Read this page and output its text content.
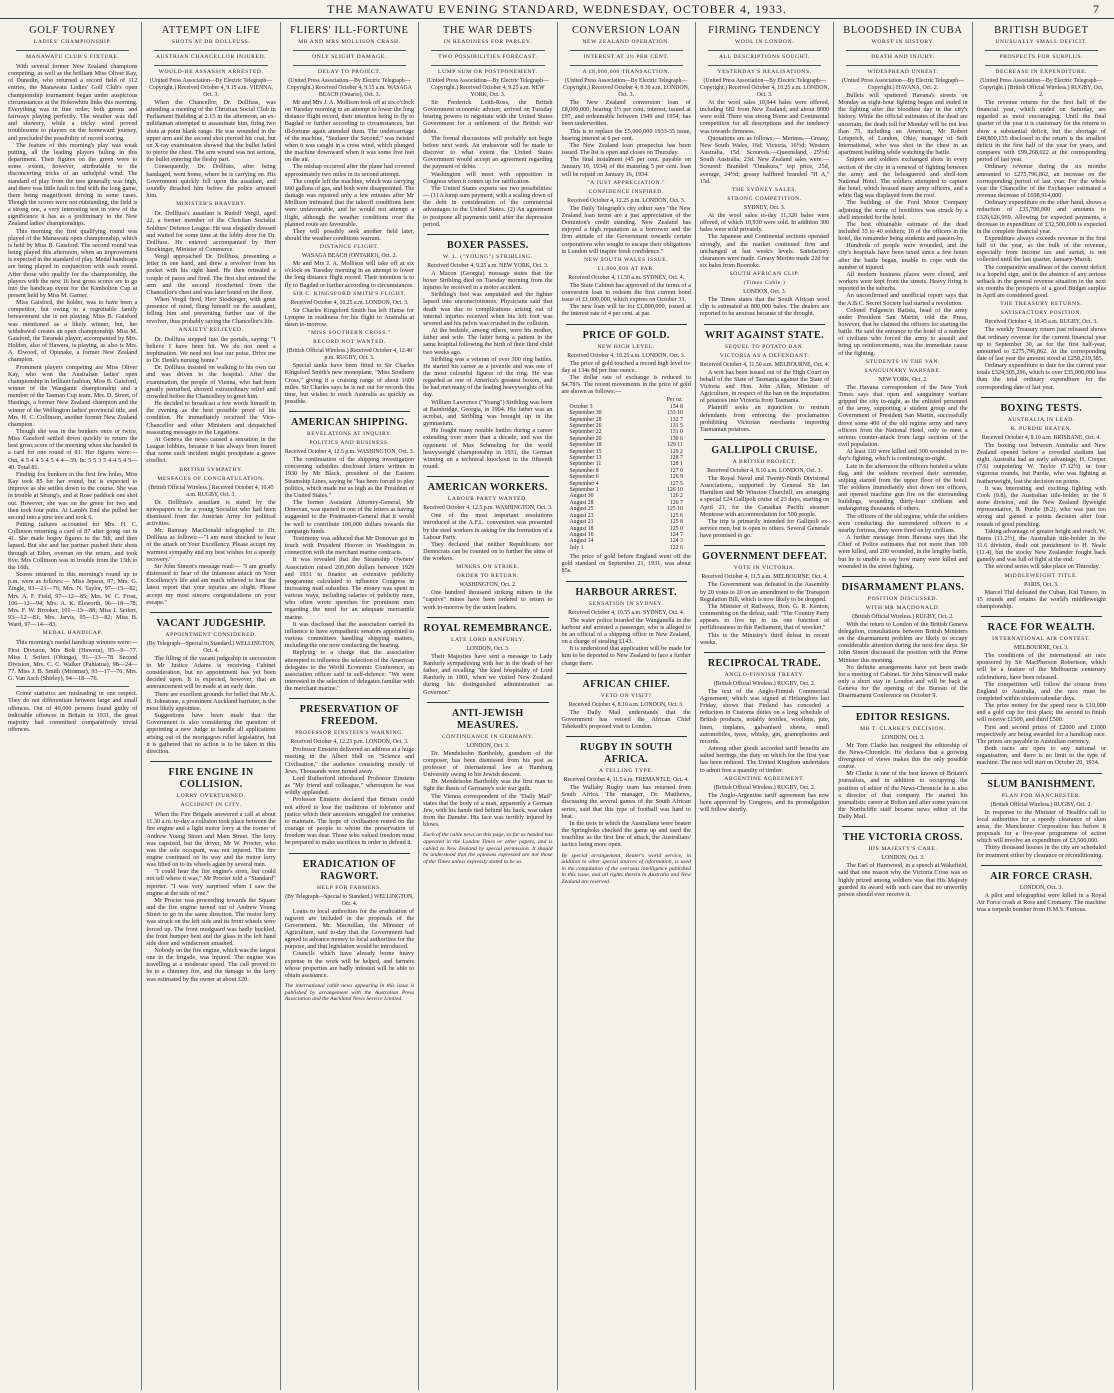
THE MANAWATU EVENING STANDARD, WEDNESDAY, OCTOBER 4, 1933.	7
GOLF TOURNEY
LADIES' CHAMPIONSHIP.
MANAWATU CLUB'S FIXTURE.

With several former New Zealand champions competing, as well as the brilliant Miss Oliver Kay, of Dunedin, who returned a record field of 112 entries, the Manawatu Ladies' Golf Club's open championship tournament began under auspicious circumstances at the Hokowhitu links this morning. Everything was in fine order, both greens and fairways playing perfectly. The weather was dull and showery, while a tricky wind proved troublesome to players on the homeward journey, and precluded the possibility of record scoring.

The feature of this morning's play was weak putting, all the leading players failing in this department. Their figures on the green were to some extent, however, attributable to the disconcerting tricks of an unhelpful wind. The standard of play from the tees generally was high, and there was little fault to find with the long game, there being magnificent driving in some cases. Though the scores were not outstanding, the field is a strong one, a very interesting test in view of the significance it has as a preliminary to the New Zealand ladies' championships.

This morning the first qualifying round was played of the Manawatu open championship, which is held by Miss B. Gaisford. The second round was being played this afternoon, when an improvement is expected in the standard of play. Medal handicaps are being played in conjunction with each round. After those who qualify for the championship, the players with the next 16 best gross scores are to go into the handicap event for the Kimbolton Cup at present held by Miss M. Garner.

Miss Gaisford, the holder, was to have been a competitor, but owing to a regrettable family bereavement she is not playing. Miss B. Gaisford was mentioned as a likely winner, but, her withdrawal creates an open championship. Miss M. Gaisford, the Taranaki player, accompanied by Mrs. Holden, also of Hawera, is playing, as also is Mrs. A. Elwood, of Opunake, a former New Zealand champion.

Prominent players competing are Miss Oliver Kay, who won the Australian ladies' open championship in brilliant fashion, Miss B. Gaisford, winner of the Wanganui championship and a member of the Tasman Cup team, Mrs. D. Street, of Hastings, a former New Zealand champion and the winner of the Wellington ladies' provincial title, and Mrs. H. C. Collinson, another former New Zealand champion.

Though she was in the bunkers once or twice, Miss Gaisford settled down quickly to return the best gross score of the morning when she handed in a card for one round of 81. Her figures were:— Out, 4 5 4 4 5 4 5 4 4—39. In: 5 5 3 5 4 4 5 4 5—40. Total 81.

Finding fox bunkers in the first few holes, Miss Kay took 85 for her round, but is expected to improve as she settles down to the course. She was in trouble at Strang's, and at Rose paddock one shot out. However, she was on the green for two and then took four putts. At Lamb's End she pulled her second into a pine tree and took 6.

Putting failures accounted for Mrs. H. C. Collinson returning a card of 87 after going out in 41. She made bogey figures to the 5th, and then lapsed. But she and her partner pushed their shots through at Eden, overran on the return, and took five. Mrs Collinson was in trouble from the 13th to the 16th.

Scores returned in this morning's round up to p.m. were as follows:— Miss Jepson, 97; Mrs. G. Zingle, 93—21—76; Mrs. N. Taylor, 97—15—82; Mrs. A. F. Field, 97—12—85; Mrs. W. C. Frost, 106—12—94; Mrs. A. K. Elsworth, 96—18—78; Mrs. F. W. Brooker, 101—13—88; Miss I. Seifert, 93—12—81; Mrs. Jarvis, 95—13—82; Miss B. Ward, 97—14—83.

MEDAL HANDICAP.

This morning's medal handicap winners were:— First Division, Mrs Bolt (Hawera), 95—9—77. Miss I. Seifert (Ohinga), 91—13—78. Second Division, Mrs. C. C. Walker (Pahiatua), 98—24—77. Miss J. B. Smith (Miramar), 93—17—76. Mrs. G. Van Asch (Shirley), 94—18—76.

Crime statistics are misleading in one respect. They do not differentiate between large and small offences. Out of 40,000 persons found guilty of indictable offences in Britain in 1931, the great majority had committed comparatively trivial offences.

ATTEMPT ON LIFE
SHOTS AT DR DOLLFUSS.
AUSTRIAN CHANCELLOR INJURED.
WOULD-BE ASSASSIN ARRESTED.
(United Press Association—By Electric Telegraph—Copyright.) Received October 4, 9.15 a.m. VIENNA, Oct. 3.

When the Chancellor, Dr. Dollfuss, was attending a meeting of the Christian Social Club in Parliament Building at 2.15 in the afternoon, an ex-militiaman attempted to assassinate him, firing two shots at point blank range. He was wounded in the upper arm and the second shot pierced his coat, but on X-ray examination showed that the bullet failed to pierce the chest. The arm wound was not serious, the bullet entering the fleshy part.

Consequently, Dr. Dollfuss, after being bandaged, went home, where he is carrying on. His Government quickly fell upon the assailant, and soundly thrashed him before the police arrested him.

MINISTER'S BRAVERY.

Dr. Dollfuss's assailant is Rudolf Vergil, aged 22, a former member of the Christian Socialist Soldiers' Defence League. He was elegantly dressed and waited for some time at the lobby door for Dr. Dollfuss. He entered accompanied by Herr Stockinger, Minister of Commerce.

Vergil approached Dr. Dollfuss, presenting a letter in one hand, and drew a revolver from his pocket with his right hand. He then retreated a couple of paces and fired. The first shot entered the arm and the second ricochetted from the Chancellor's chest and was later found on the floor.

When Vergil fired, Herr Stockinger, with great presence of mind, flung himself on the assailant, felling him and preventing further use of the revolver, thus probably saving the Chancellor's life.

ANXIETY RELIEVED.

Dr. Dollfuss stepped into the portals, saying: "I believe I have been hit. We do not need a trephination. We need not lose our poise. Drive me to Dr. Denk's nursing home."

Dr. Dollfuss insisted on walking to his own car and was driven to the hospital. After the examination, the people of Vienna, who had been greatly perturbed, showed extraordinary relief and crowded before the Chancellery to greet him.

He decided to broadcast a few words himself in the evening as the best possible proof of his condition. He immediately received the Vice-Chancellor and other Ministers and despatched reassuring messages to the Legations.

At Geneva the news caused a sensation in the League lobbies, because it has always been feared that some such incident might precipitate a grave conflict.

BRITISH SYMPATHY.
MESSAGES OF CONGRATULATION.
(British Official Wireless.) Received October 4, 10.45 a.m. RUGBY, Oct. 3.

Dr. Dollfuss's assailant is stated by the newspapers to be a young Socialist who had been dismissed from the Austrian Army for political activities.

Mr. Ramsay MacDonald telegraphed to Dr. Dollfuss as follows:—"I am most shocked to hear of the attack on Your Excellency. Please accept my warmest sympathy and my best wishes for a speedy recovery."

Sir John Simon's message read:— "I am greatly distressed to hear of the infamous attack on Your Excellency's life and am much relieved to hear the latest report that your injuries are slight. Please accept my most sincere congratulations on your escape."

VACANT JUDGESHIP.
APPOINTMENT CONSIDERED.
(By Telegraph—Special to Standard.) WELLINGTON, Oct. 4.

The filling of the vacant judgeship in succession to Mr Justice Adams is receiving Cabinet consideration, but no appointment has yet been decided upon. It is expected, however, that an announcement will be made at an early date.

There are excellent grounds for belief that Mr A. H. Johnstone, a prominent Auckland barrister, is the most likely appointee.

Suggestions have been made that the Government is also considering the question of appointing a new Judge to handle all applications arising out of the mortgagors relief legislation, but it is gathered that no action is to be taken in this direction.

FIRE ENGINE IN COLLISION.
LORRY OVERTURNED.
ACCIDENT IN CITY.

When the Fire Brigade answered a call at about 11.30 a.m. to-day a collision took place between the fire engine and a light motor lorry at the corner of Andrew Young Street and Main Street. The lorry was capsized, but the driver, Mr W. Procter, who was the sole occupant, was not injured. The fire engine continued on its way and the motor lorry was lifted on to its wheels again by several men.

"I could hear the fire engine's siren, but could not tell where it was," Mr Procter told a "Standard" reporter. "I was very surprised when I saw the engine at the side of me."

Mr Procter was proceeding towards the Square and the fire engine turned out of Andrew Young Street to go in the same direction. The motor lorry was struck on the left side and its front wheels were forced up. The front mudguard was badly buckled, the front bumper bent and the glass in the left hand side door and windscreen smashed.

Nobody on the fire engine, which was the largest one in the brigade, was injured. The engine was travelling at a moderate speed. The call proved to be to a chimney fire, and the damage to the lorry was estimated by the owner at about £20.

FLIERS' ILL-FORTUNE
MR AND MRS MOLLISON CRASH.
ONLY SLIGHT DAMAGE.
DELAY TO PROJECT.
(United Press Association—By Electric Telegraph—Copyright.) Received October 4, 9.15 a.m. WASAGA BEACH (Ontario), Oct. 3.

Mr and Mrs J. A. Mollison took off at six o'clock on Tuesday morning in an attempt to lower the long distance flight record, their intention being to fly to Bagdad or further according to circumstances, but ill-fortune again attended them. The undercarriage of the machine, "Seafarer the Second," was twisted when it was caught in a cross wind, which plunged the machine downward when it was some five feet on the air.

The mishap occurred after the plane had covered approximately two miles in its second attempt.

The couple left the machine, which was carrying 660 gallons of gas, and both were disappointed. The damage was repaired only a few minutes after Mr Mollison intimated that the takeoff conditions here were unfavourable, and he would not attempt a flight, although the weather conditions over the planned route are favourable.

They will possibly seek another field later, should the weather conditions warrant.

DISTANCE FLIGHT.
WASAGA BEACH (ONTARIO), Oct. 2.

Mr and Mrs J. A. Mollison will take off at six o'clock on Tuesday morning in an attempt to lower the long distance flight record. Their intention is to fly to Bagdad or further according to circumstances.

SIR C. KINGSFORD SMITH'S FLIGHT.
Received October 4, 10.25 a.m. LONDON, Oct. 3.

Sir Charles Kingsford Smith has left Hanse for Lympne in readiness for his flight to Australia at dawn to-morrow.

"MISS SOUTHERN CROSS."
RECORD NOT WANTED.
(British Official Wireless.) Received October 4, 12.40 p.m. RUGBY, Oct. 3.

Special tanks have been fitted to Sir Charles Kingsford Smith's new monoplane, "Miss Southern Cross," giving it a cruising range of about 1600 miles. Sir Charles says he is not out for records this time, but wishes to reach Australia as quickly as possible.

AMERICAN SHIPPING.
REVELATIONS AT INQUIRY.
POLITICS AND BUSINESS.
Received October 4, 12.5 p.m. WASHINGTON, Oct. 3.

The continuation of the shipping investigation concerning subsidies disclosed letters written in 1930 by Mr Black, president of the Eastern Steamship Lines, saying he "has been forced to play politics, which made me as high as the President of the United States."

The former Assistant Attorney-General, Mr Donovan, was quoted in one of the letters as having suggested to the Postmaster-General that it would be well to contribute 100,000 dollars towards the campaign funds.

Testimony was adduced that Mr Donovan got in touch with President Hoover in Washington in connection with the merchant marine contracts.

It was revealed that the Steamship Owners' Association raised 200,000 dollars between 1929 and 1931 to finance an extensive publicity programme calculated to influence Congress in increasing mail subsidies. The money was spent in various ways, including salaries of publicity men, who often wrote speeches for prominent men regarding the need for an adequate mercantile marine.

It was disclosed that the association carried its influence to have sympathetic senators appointed to various committees handling shipping matters, including the one now conducting the hearing.

Replying to a charge that the association attempted to influence the selection of the American delegates to the World Economic Conference, an association officer said in self-defence: "We were interested in the selection of delegates familiar with the merchant marine."

PRESERVATION OF FREEDOM.
PROFESSOR EINSTEIN'S WARNING.
Received October 4, 12.25 p.m. LONDON, Oct. 3.

Professor Einstein delivered an address at a huge meeting in the Albert Hall on "Science and Civilisation," the audience consisting mostly of Jews. Thousands were turned away.

Lord Rutherford introduced Professor Einstein as "My friend and colleague," whereupon he was wildly applauded.

Professor Einstein declared that Britain could not afford to lose the traditions of tolerance and justice which their ancestors struggled for centuries to maintain. The hope of civilisation rested on the courage of people to whom the preservation of freedom was dear. Those who valued freedom must be prepared to make sacrifices in order to defend it.

ERADICATION OF RAGWORT.
HELP FOR FARMERS.
(By Telegraph—Special to Standard.) WELLINGTON, Oct. 4.

Loans to local authorities for the eradication of ragwort are included in the proposals of the Government. Mr. Macmillan, the Minister of Agriculture, said to-day that the Government had agreed to advance money to local authorities for the purpose, and that legislation would be introduced.

Councils which have already borne heavy expense in the work will be helped, and farmers whose properties are badly infested will be able to obtain assistance.

The international cable news appearing in this issue is published by arrangement with the Australian Press Association and the Auckland News Service Limited.
THE WAR DEBTS
IN READINESS FOR PARLEY.
TWO POSSIBILITIES FORECAST.
LUMP SUM OR POSTPONEMENT.
(United Press Association—By Electric Telegraph—Copyright.) Received October 4, 9.25 a.m. NEW YORK, Oct. 3.

Sir Frederick Leith-Ross, the British Government economic adviser, arrived on Tuesday bearing powers to negotiate with the United States Government for a settlement of the British war debts.

The formal discussions will probably not begin before next week. An endeavour will be made to discover to what extent the United States Government would accept an agreement regarding the payment of debts.

Washington will meet with opposition in Congress when it comes up for ratification.

The United States experts see two possibilities:— (1) A lump sum payment, with a scaling down of the debt in consideration of the commercial advantages to the United States. (2) An agreement to postpone all payments until after the depression period.

BOXER PASSES.
W. L. ("YOUNG") STRIBLING.
Received October 4, 9.25 a.m. NEW YORK, Oct. 3.

A Macon (Georgia) message states that the boxer Stribling died on Tuesday morning from the injuries he received in a motor accident.

Stribling's foot was amputated and the fighter lapsed into unconsciousness. Physicians said that death was due to complications arising out of internal injuries received when his left foot was severed and his pelvis was crushed in the collision.

At the bedside, among others, were his mother, father and wife. The latter being a patient in the same hospital following the birth of their third child two weeks ago.

Stribling was a veteran of over 300 ring battles. He started his career as a juvenile and was one of the most colourful figures of the ring. He was regarded as one of America's greatest boxers, and he had met many of the leading heavyweights of his day.

William Lawrence ("Young") Stribling was born at Bainbridge, Georgia, in 1904. His father was an acrobat, and Stribling was brought up in the gymnasium.

He fought many notable battles during a career extending over more than a decade, and was the opponent of Max Schmeling for the world heavyweight championship in 1931, the German winning on a technical knockout in the fifteenth round.

AMERICAN WORKERS.
LABOUR PARTY WANTED.
Received October 4, 12.5 p.m. WASHINGTON, Oct. 3.

One of the most important resolutions introduced at the A.F.L. convention was presented by the steel workers in asking for the formation of a Labour Party.

They declared that neither Republicans nor Democrats can be counted on to further the aims of the workers.

MINERS ON STRIKE.
ORDER TO RETURN.
WASHINGTON, Oct. 2.

One hundred thousand striking miners in the "captive" mines have been ordered to return to work to-morrow by the union leaders.

ROYAL REMEMBRANCE.
LATE LORD RANFURLY.
LONDON, Oct. 3.

Their Majesties have sent a message to Lady Ranfurly sympathising with her in the death of her father, and recalling "the kind hospitality of Lord Ranfurly in 1901, when we visited New Zealand during his distinguished administration as Governor."

ANTI-JEWISH MEASURES.
CONTINUANCE IN GERMANY.
LONDON, Oct. 3.

Dr. Mendelsohn Bartholdy, grandson of the composer, has been dismissed from his post as professor of international law at Hamburg University owing to his Jewish descent.

Dr. Mendelsohn Bartholdy was the first man to fight the thesis of Germany's sole war guilt.

The Vienna correspondent of the "Daily Mail" states that the body of a man, apparently a German Jew, with his hands tied behind his back, was taken from the Danube. His face was terribly injured by blows.

Each of the cable news on this page, so far as headed has appeared in the London Times or other papers, and is cabled to New Zealand by special permission. It should be understood that the opinions expressed are not those of the Times unless expressly stated to be so.
CONVERSION LOAN
NEW ZEALAND OPERATION.
INTEREST AT 3½ PER CENT.
A £8,000,000 TRANSACTION.
(United Press Association—By Electric Telegraph—Copyright.) Received October 4, 9.30 a.m. LONDON, Oct. 3.

The New Zealand conversion loan of £8,000,000, bearing 3½ per cent. interest, issued at £97, and redeemable between 1949 and 1954, has been underwritten.

This is to replace the £5,000,000 1933-35 issue, bearing interest at 6 per cent.

The New Zealand loan prospectus has been issued. The list is open and closes on Thursday.

The final instalment (45 per cent. payable on January 10, 1934) of the maturing 5 per cent. loan will be repaid on January 16, 1934.

"A JUST APPRECIATION."
CONFIDENCE INSPIRED.
Received October 4, 12.25 p.m. LONDON, Oct. 3.

The Daily Telegraph's city editor says "the New Zealand loan terms are a just appreciation of the Dominion's credit standing. New Zealand has enjoyed a high reputation as a borrower and the firm attitude of the Government towards certain corporations who sought to escape their obligations in London will inspire fresh confidence."

NEW SOUTH WALES ISSUE.
£1,000,000 AT PAR.
Received October 4, 11.50 a.m. SYDNEY, Oct. 4.

The State Cabinet has approved of the terms of a conversion loan to redeem the first current bond issue of £1,000,000, which expires on October 31.

The new loan will be for £1,000,000, issued at the interest rate of 4 per cent. at par.

PRICE OF GOLD.
NEW HIGH LEVEL.
Received October 4, 10.25 a.m. LONDON, Oct. 3.

The price of gold touched a record high level to-day at 134s 8d per fine ounce.

The dollar rate of exchange is reduced to $4.78⅞. The recent movements in the price of gold are shown as follows:—

Per oz.
October 3	134 8
September 30	133 10
September 28	132 7
September 26	131 5
September 22	131 0
September 20	130 6
September 18	129 11
September 15	129 2
September 13	128 7
September 11	128 1
September 8	127 0
September 6	126 9
September 4	127 5
September 1	126 10
August 30	126 2
August 28	126 7
August 25	125 10
August 23	125 6
August 21	125 8
August 18	125 0
August 16	124 7
August 14	124 3
July 1	122 6

The price of gold before England went off the gold standard on September 21, 1931, was about 85s.

HARBOUR ARREST.
SENSATION IN SYDNEY.
Received October 4, 10.55 a.m. SYDNEY, Oct. 4.

The water police boarded the Wanganella in the harbour and arrested a passenger, who is alleged to be an official of a shipping office in New Zealand, on a charge of stealing £143.

It is understood that application will be made for him to be deported to New Zealand to face a further charge there.

AFRICAN CHIEF.
VETO ON VISIT?
Received October 4, 8.10 a.m. LONDON, Oct. 3.

The Daily Mail understands that the Government has vetoed the African Chief Tshekedi's proposed visit to London.

RUGBY IN SOUTH AFRICA.
A TELLING TYPE.
Received October 4, 11.5 a.m. FREMANTLE, Oct. 4.

The Wallaby Rugby team has returned from South Africa. The manager, Dr. Matthews, discussing the several games of the South African series, said that this type of football was hard to beat.

In the tests in which the Australians were beaten the Springboks checked the game up and used the touchline as the first line of attack, the Australians' tactics being more open.

By special arrangement, Reuter's world service, in addition to other special sources of information, is used in the compilation of the overseas intelligence published in this issue, and all rights therein in Australia and New Zealand are reserved.
FIRMING TENDENCY
WOOL IN LONDON.
ALL DESCRIPTIONS SOUGHT.
YESTERDAY'S REALISATIONS.
(United Press Association—By Electric Telegraph—Copyright.) Received October 4, 10.25 a.m. LONDON, Oct. 3.

At the wool sales 10,944 bales were offered, including 682 from New Zealand, and about 8000 were sold. There was strong Home and Continental competition for all descriptions and the tendency was towards firmness.

Quotations are as follows:— Merinos.—Greasy, New South Wales, 16d; Victoria, 16½d; Western Australia, 15d. Scoureds.—Queensland, 25½d; South Australia, 23d. New Zealand sales were:—Scoured: Branded "Omakura," top price, 25d, average, 24½d; greasy halfbred branded "H A," 15d.

THE SYDNEY SALES.
STRONG COMPETITION.
SYDNEY, Oct. 3.

At the wool sales to-day 11,320 bales were offered, of which 10,930 were sold. In addition 300 bales were sold privately.

The Japanese and Continental sections operated strongly, and the market continued firm and unchanged at last week's levels. Satisfactory clearances were made. Greasy Merino made 22d for six bales from Boonoke.

SOUTH AFRICAN CLIP.
(Times Cable.)
LONDON, Oct. 3.

The Times states that the South African wool clip is estimated at 800,000 bales. The dealers are reported to be anxious because of the drought.

WRIT AGAINST STATE.
SEQUEL TO POTATO BAN.
VICTORIA AS A DEFENDANT.
Received October 4, 11.50 a.m. MELBOURNE, Oct. 4.

A writ has been issued out of the High Court on behalf of the State of Tasmania against the State of Victoria and Hon. John Allan, Minister of Agriculture, in respect of the ban on the importation of potatoes into Victoria from Tasmania.

Plaintiff seeks an injunction to restrain defendants from enforcing the proclamation prohibiting Victorian merchants importing Tasmanian potatoes.

GALLIPOLI CRUISE.
A BRITISH PROJECT.
Received October 4, 8.10 a.m. LONDON, Oct. 3.

The Royal Naval and Twenty-Ninth Divisional Associations, supported by General Sir Ian Hamilton and Mr Winston Churchill, are arranging a special £24 Gallipoli cruise of 23 days, starting on April 21, for the Canadian Pacific steamer Montrose with accommodation for 500 people.

The trip is primarily intended for Gallipoli ex-service men, but is open to others. Several Generals have promised to go.

GOVERNMENT DEFEAT.
VOTE IN VICTORIA.
Received October 4, 11.5 a.m. MELBOURNE, Oct. 4.

The Government was defeated in the Assembly by 20 votes to 20 on an amendment to the Transport Regulation Bill, which is now likely to be dropped.

The Minister of Railways, Hon. G. R. Kenton, commenting on the defeat, said: "The Country Party appears to live up to its one function of perfidiousness in this Parliament; that of wrecker."

This is the Ministry's third defeat in recent weeks.

RECIPROCAL TRADE.
ANGLO-FINNISH TREATY.
(British Official Wireless.) RUGBY, Oct. 2.

The text of the Anglo-Finnish Commercial Agreement, which was signed at Helsingfors last Friday, shows that Finland has conceded a reduction in Customs duties on a long schedule of British products, notably textiles, woollens, jute, linen, tinplates, galvanised sheets, small automobiles, tyres, whisky, gin, gramophones and records.

Among other goods accorded tariff benefits are salted herrings, the duty on which for the first year has been reduced. The United Kingdom undertakes to admit free a quantity of timber.

ARGENTINE AGREEMENT.
(British Official Wireless.) RUGBY, Oct. 2.

The Anglo-Argentine tariff agreement has now been approved by Congress, and its promulgation will follow shortly.

BLOODSHED IN CUBA
WORST IN HISTORY.
DEATH AND INJURY.
WIDESPREAD UNREST.
(United Press Association—By Electric Telegraph—Copyright.) HAVANA, Oct. 2.

Bullets will spattered Havana's streets on Monday as eight-hour fighting began and ended in the fighting after the bloodiest day in the city's history. While the official estimates of the dead are uncertain, the death toll for Monday will be not less than 75, including an American, Mr Robert Lotspeich, of London, Ohio, manager of Seth International, who was shot in the chest in an apartment building while watching the battle.

Snipers and soldiers exchanged shots in every section of the city in a renewal of fighting between the army and the beleaguered and shell-torn National Hotel. The soldiers attempted to capture the hotel, which housed many army officers, and a white flag was displayed from the roof.

The building of the Ford Motor Company adjoining the scene of hostilities was struck by a shell intended for the hotel.

The best obtainable estimate of the dead included 35 to 40 soldiers; 10 of the officers in the hotel, the remainder being students and passers-by.

Hundreds of people were wounded, and the city's hospitals have been taxed since a few hours after the battle began, unable to cope with the number of injured.

All modern business places were closed, and workers were kept from the streets. Heavy firing is reported in the suburbs.

An unconfirmed and unofficial report says that the A.B.C. Secret Society had started a revolution.

Colonel Fulgencio Batista, head of the army under President San Martin, told the Press, however, that he claimed the officers for starting the battle. He said the entrance to the hotel of a number of civilians who forced the army to assault and bring up reinforcements, was the immediate cause of the fighting.

STUDENTS IN THE VAN.
SANGUINARY WARFARE.
NEW YORK, Oct. 2.

The Havana correspondent of the New York Times says that open and sanguinary warfare gripped the city to-night, as the enlisted personnel of the army, supporting a student group and the Government of President San Martin, successfully drove some 400 of the old regime army and navy officers from the National Hotel, only to meet a serious counter-attack from large sections of the civil population.

At least 110 were killed and 300 wounded in to-day's fighting, which is continuing to-night.

Late in the afternoon the officers hoisted a white flag, and the soldiers received their surrender, sniping started from the upper floor of the hotel. The soldiers immediately shot down ten officers, and opened machine gun fire on the surrounding buildings, wounding thirty-four civilians and endangering thousands of others.

The officers of the old regime, while the soldiers were conducting the surrendered officers to a nearby fortress, they were fired on by civilians.

A further message from Havana says that the Chief of Police estimates that not more than 100 were killed, and 200 wounded, in the lengthy battle, but he is unable to say how many were killed and wounded in the street fighting.

DISARMAMENT PLANS.
POSITION DISCUSSED.
WITH MR MACDONALD.
(British Official Wireless.) RUGBY, Oct. 2.

With the return to London of the British Geneva delegation, consultations between British Ministers on the disarmament problem are likely to occupy considerable attention during the next few days. Sir John Simon discussed the position with the Prime Minister this morning.

No definite arrangements have yet been made for a meeting of Cabinet. Sir John Simon will make only a short stay in London and will be back at Geneva for the opening of the Bureau of the Disarmament Conference on October 9.

EDITOR RESIGNS.
MR T. CLARKE'S DECISION.
LONDON, Oct. 3.

Mr Tom Clarke has resigned the editorship of the News-Chronicle. He declares that a growing divergence of views makes this the only possible course.

Mr Clarke is one of the best known of Britain's journalists, and in addition to occupying the position of editor of the News-Chronicle he is also a director of that company. He started his journalistic career at Bolton and after some years on the Northcliffe staff became news editor of the Daily Mail.

THE VICTORIA CROSS.
HIS MAJESTY'S CARE.
LONDON, Oct. 3.

The Earl of Harewood, in a speech at Wakefield, said that one reason why the Victoria Cross was so highly prized among soldiers was that His Majesty guarded its award with such care that no unworthy person should ever receive it.

BRITISH BUDGET
UNUSUALLY SMALL DEFICIT.
PROSPECTS FOR SURPLUS.
DECREASE IN EXPENDITURE.
(United Press Association—By Electric Telegraph—Copyright.) (British Official Wireless.) RUGBY, Oct. 2.

The revenue returns for the first half of the financial year, which ended on Saturday, are regarded as most encouraging. Until the final quarter of the year it is customary for the returns to show a substantial deficit, but the shortage of £48,800,155 disclosed in the return is the smallest deficit in the first half of the year for years, and compares with £99,268,022 at the corresponding period of last year.

Ordinary revenue during the six months amounted to £275,796,862, an increase on the corresponding period of last year. For the whole year the Chancellor of the Exchequer estimated a revenue decrease of £698,914,000.

Ordinary expenditure on the other hand, shows a reduction of £35,700,000 and amounts to £326,626,969. Allowing for expected payments, a decrease in expenditure of £32,500,000 is expected in the complete financial year.

Expenditure always exceeds revenue in the first half of the year, as the bulk of the revenue, especially from income tax and surtax, is not collected until the last quarter, January-March.

The comparative smallness of the current deficit is a hopeful sign, and in the absence of any serious setback in the general revenue situation in the next six months the prospects of a good Budget surplus in April are considered good.

THE TREASURY RETURNS.
SATISFACTORY POSITION.
Received October 4, 10.45 a.m. RUGBY, Oct. 3.

The weekly Treasury return just released shows that ordinary revenue for the current financial year up to September 30, as for the first half-year, amounted to £275,796,862. At the corresponding date of last year the amount stood at £258,219,385.

Ordinary expenditure to date for the current year totals £324,305,296, which is over £35,000,000 less than the total ordinary expenditure for the corresponding date of last year.

BOXING TESTS.
AUSTRALIA IN LEAD.
R. PURDIE BEATEN.
Received October 4, 8.10 a.m. BRISBANE, Oct. 4.

The boxing test between Australia and New Zealand opened before a crowded stadium last night. Australia had an early advantage, H. Cooper (7.6) outpointing W. Taylor (7.12½) in four vigorous rounds, but Purdie, who was fighting at featherweight, lost the decision on points.

It was interesting and exciting fighting with Cook (9.8), the Australian title-holder, in the 9 stone division, and the New Zealand flyweight representative, R. Purdie (8.2), who was just too strong and gained a points decision after four rounds of good punching.

Taking advantage of greater height and reach, W. Burns (11.2½), the Australian title-holder in the 11.6 division, dealt out punishment to H. Neale (11.4), but the stocky New Zealander fought back gamely and was full of fight at the end.

The second series will take place on Thursday.

MIDDLEWEIGHT TITLE.
PARIS, Oct. 3.

Marcel Thil defeated the Cuban, Kid Tunero, in 15 rounds and retains the world's middleweight championship.

RACE FOR WEALTH.
INTERNATIONAL AIR CONTEST.
MELBOURNE, Oct. 3.

The conditions of the international air race sponsored by Sir MacPherson Robertson, which will be a feature of the Melbourne centenary celebrations, have been released.

The competition will follow the course from England to Australia, and the race must be completed within sixteen calendar days.

The prize money for the speed race is £10,000 and a gold cup for first place; the second to finish will receive £1500, and third £500.

First and second prizes of £2000 and £1000 respectively are being awarded for a handicap race. The prizes are payable in Australian currency.

Both races are open to any national or organisation, and there is no limit to the type of machine. The race will start on October 20, 1934.

SLUM BANISHMENT.
PLAN FOR MANCHESTER.
(British Official Wireless.) RUGBY, Oct. 2.

In response to the Minister of Health's call to local authorities for a speedy clearance of slum areas, the Manchester Corporation has before it proposals for a five-year programme of action which will involve an expenditure of £3,500,000.

Thirty thousand houses in the city are scheduled for treatment either by clearance or reconditioning.

AIR FORCE CRASH.
LONDON, Oct. 3.

A pilot and telegraphist were killed in a Royal Air Force crash at Ross and Cromarty. The machine was a torpedo bomber from H.M.S. Furious.
